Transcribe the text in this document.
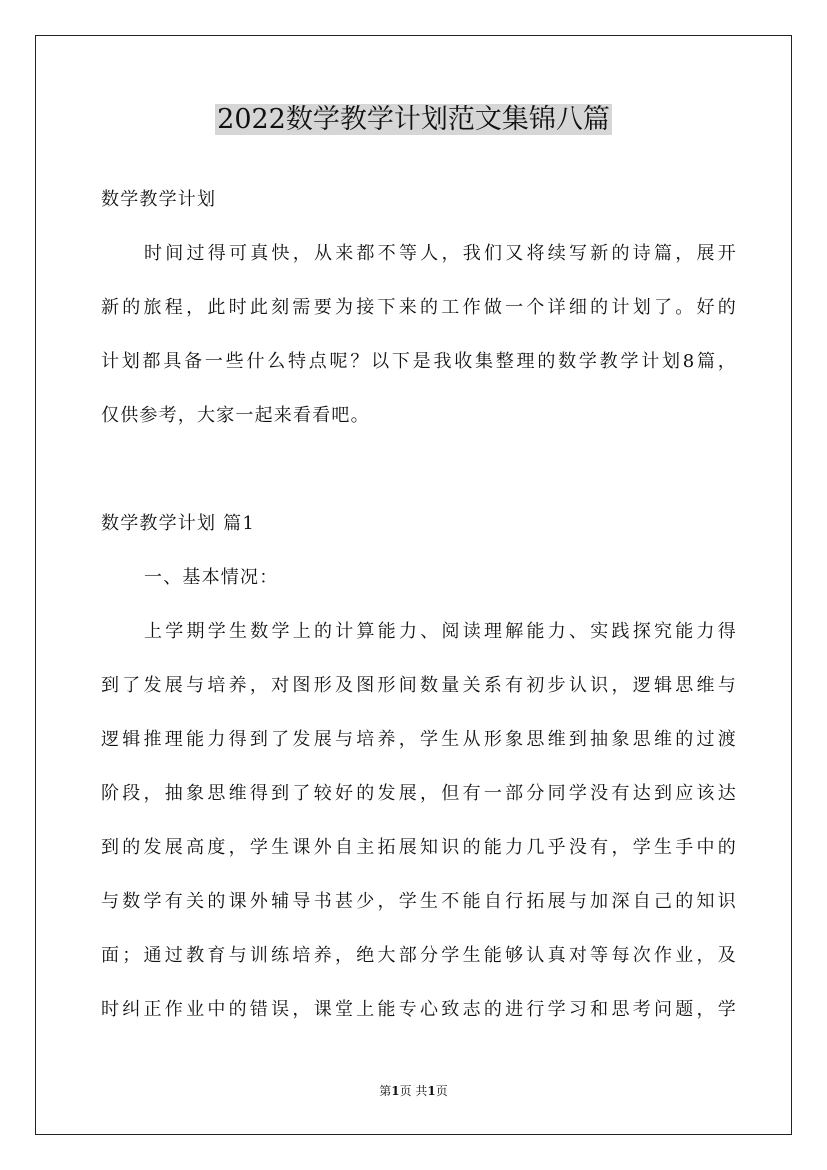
2022数学教学计划范文集锦八篇
数学教学计划
时间过得可真快，从来都不等人，我们又将续写新的诗篇，展开
新的旅程，此时此刻需要为接下来的工作做一个详细的计划了。好的
计划都具备一些什么特点呢？以下是我收集整理的数学教学计划8篇，
仅供参考，大家一起来看看吧。
数学教学计划 篇1
一、基本情况：
上学期学生数学上的计算能力、阅读理解能力、实践探究能力得
到了发展与培养，对图形及图形间数量关系有初步认识，逻辑思维与
逻辑推理能力得到了发展与培养，学生从形象思维到抽象思维的过渡
阶段，抽象思维得到了较好的发展，但有一部分同学没有达到应该达
到的发展高度，学生课外自主拓展知识的能力几乎没有，学生手中的
与数学有关的课外辅导书甚少，学生不能自行拓展与加深自己的知识
面；通过教育与训练培养，绝大部分学生能够认真对等每次作业，及
时纠正作业中的错误，课堂上能专心致志的进行学习和思考问题，学
第1页 共1页
